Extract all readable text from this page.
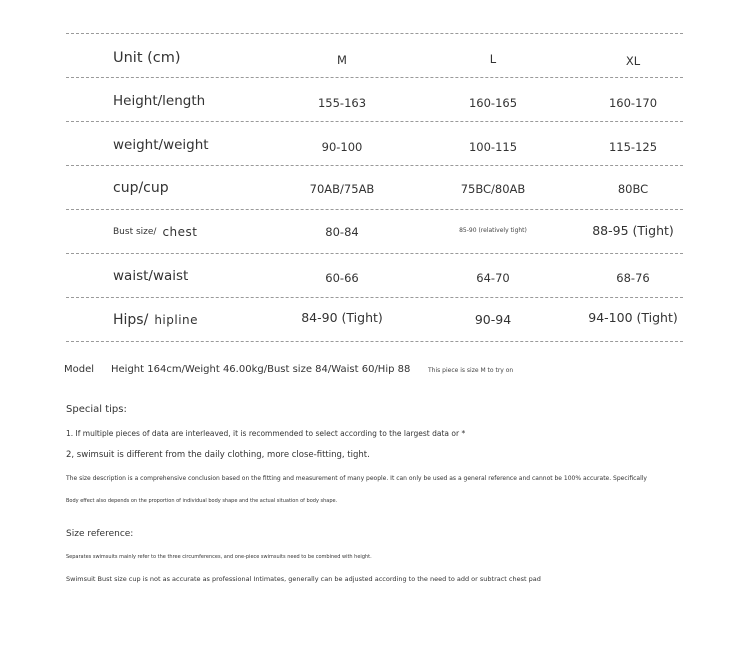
Unit (cm)	M	L	XL
Height/length	155-163	160-165	160-170
weight/weight	90-100	100-115	115-125
cup/cup	70AB/75AB	75BC/80AB	80BC
Bust size/ chest	80-84	85-90 (relatively tight)	88-95 (Tight)
waist/waist	60-66	64-70	68-76
Hips/ hipline	84-90 (Tight)	90-94	94-100 (Tight)
Model Height 164cm/Weight 46.00kg/Bust size 84/Waist 60/Hip 88	This piece is size M to try on
Special tips:
1. If multiple pieces of data are interleaved, it is recommended to select according to the largest data or *
2, swimsuit is different from the daily clothing, more close-fitting, tight.
The size description is a comprehensive conclusion based on the fitting and measurement of many people. It can only be used as a general reference and cannot be 100% accurate. Specifically
Body effect also depends on the proportion of individual body shape and the actual situation of body shape.
Size reference:
Separates swimsuits mainly refer to the three circumferences, and one-piece swimsuits need to be combined with height.
Swimsuit Bust size cup is not as accurate as professional Intimates, generally can be adjusted according to the need to add or subtract chest pad
